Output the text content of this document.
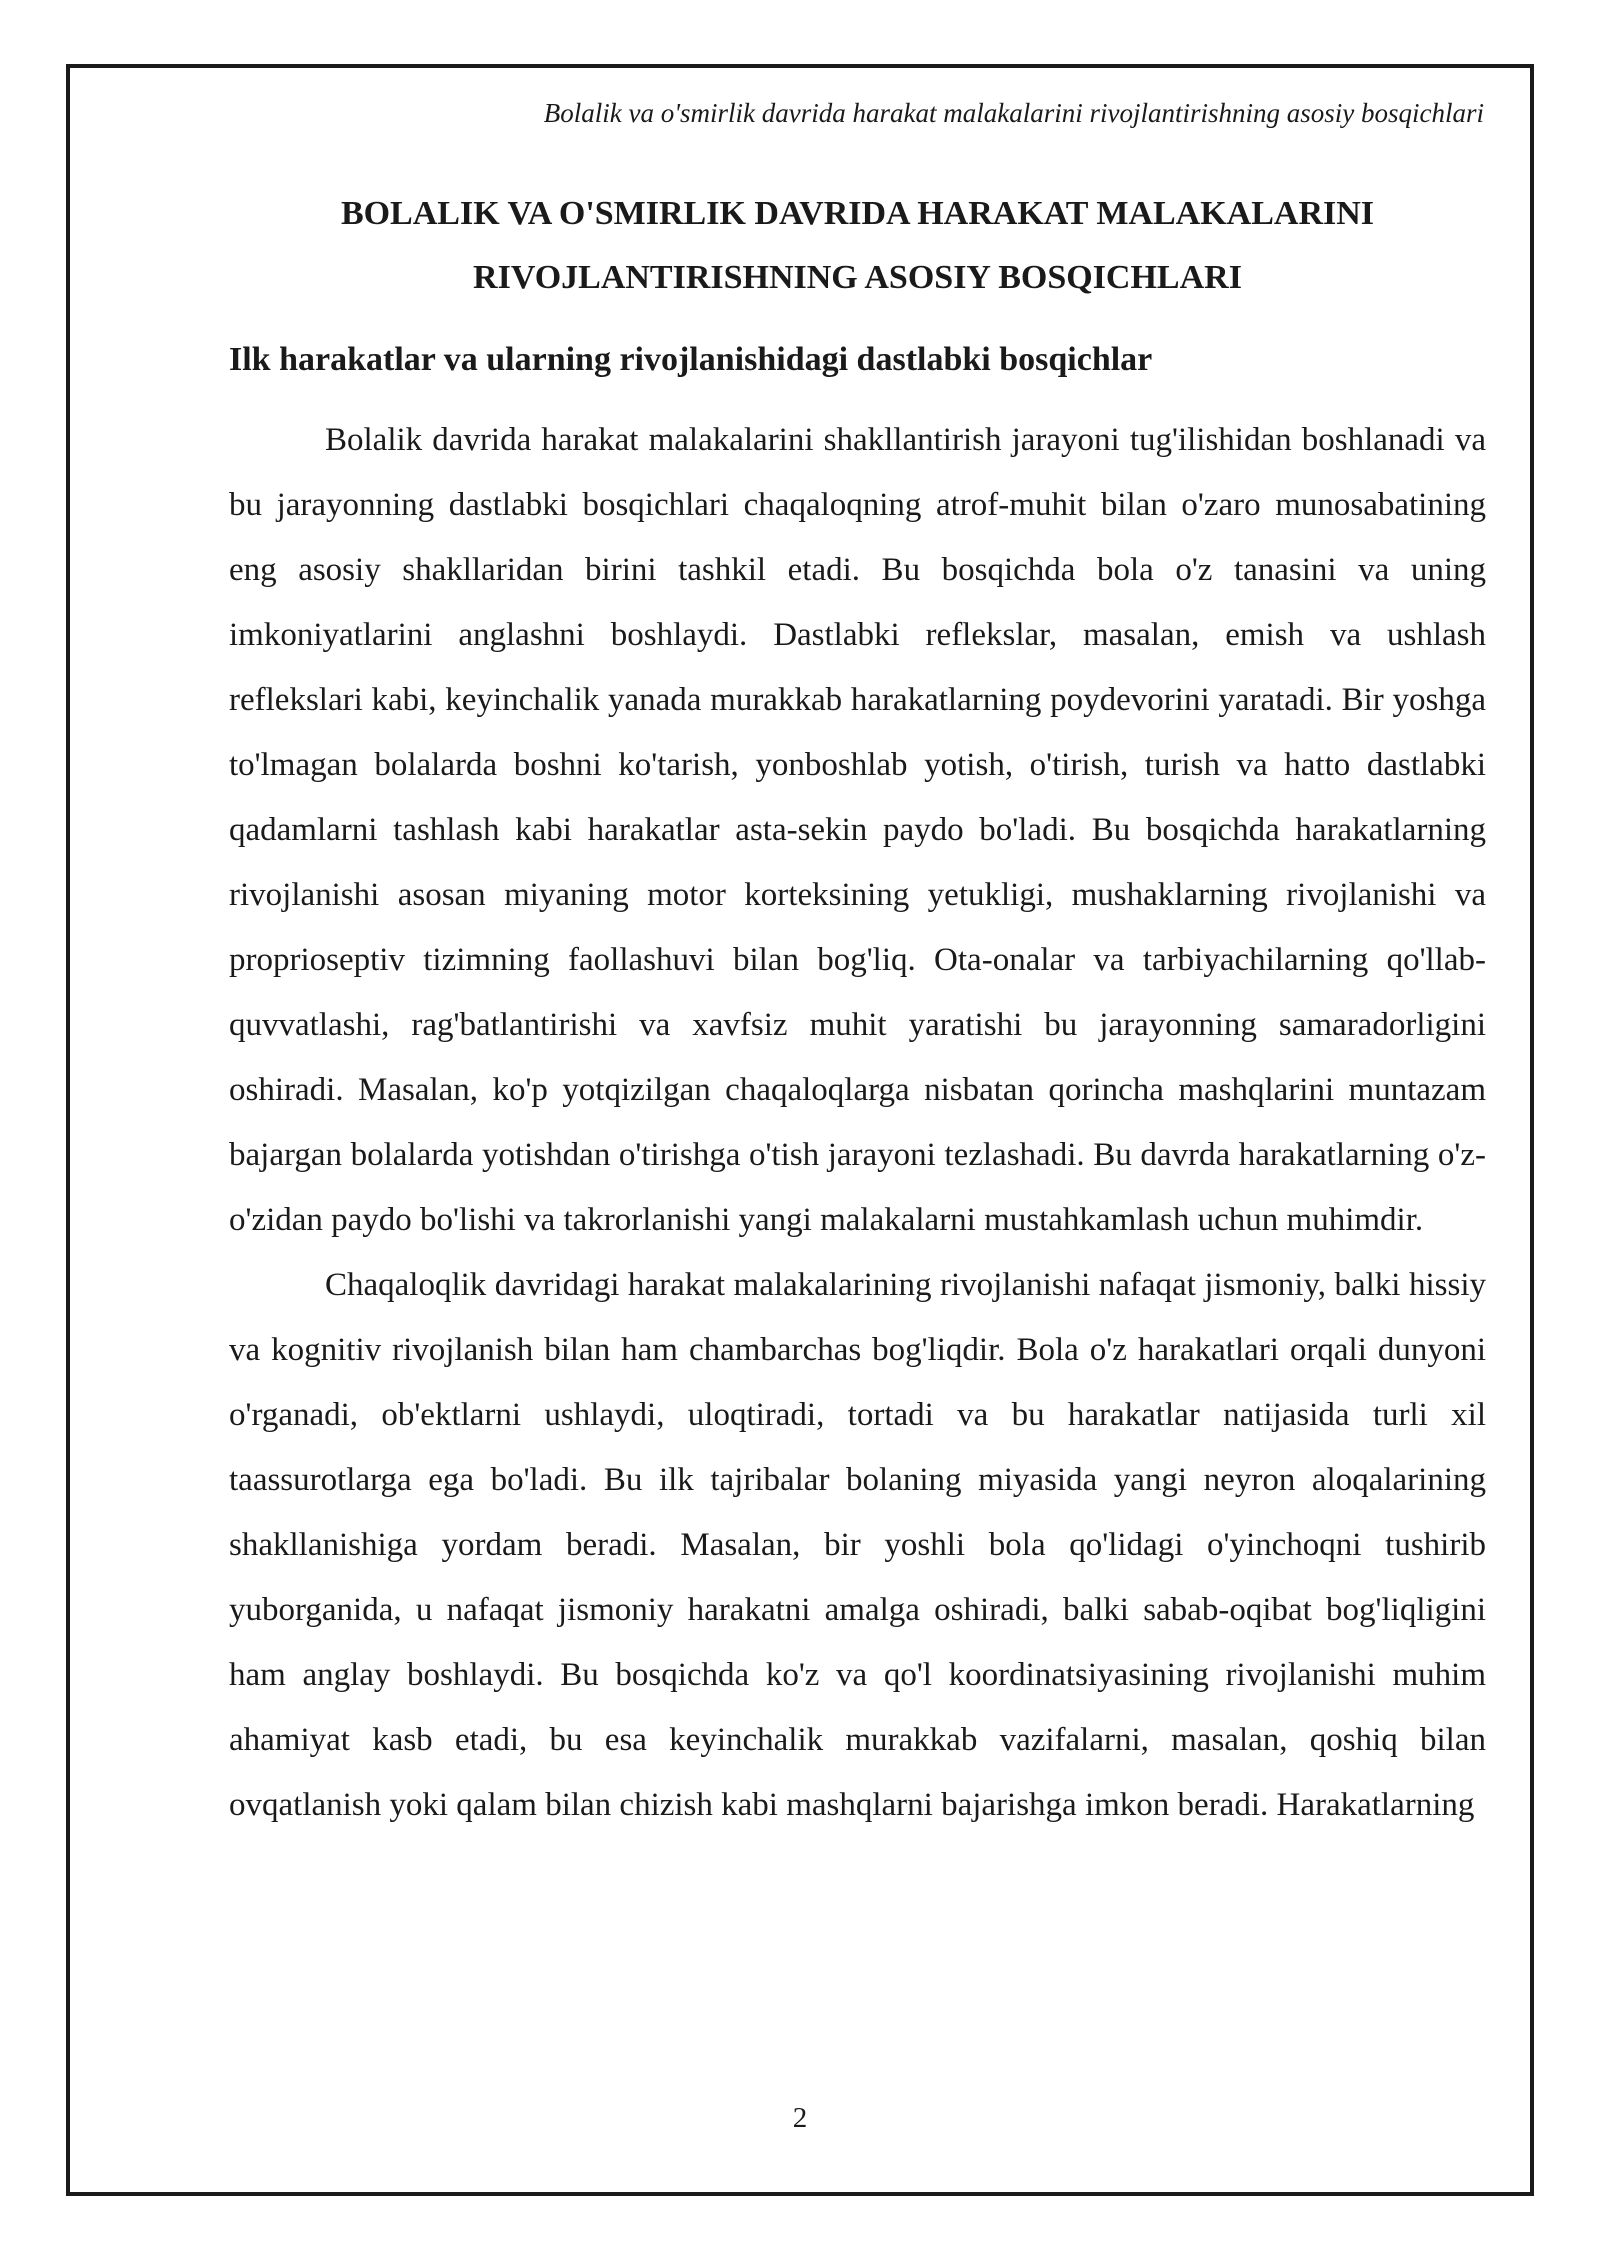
Bolalik va o'smirlik davrida harakat malakalarini rivojlantirishning asosiy bosqichlari
BOLALIK VA O'SMIRLIK DAVRIDA HARAKAT MALAKALARINI
RIVOJLANTIRISHNING ASOSIY BOSQICHLARI
Ilk harakatlar va ularning rivojlanishidagi dastlabki bosqichlar

Bolalik davrida harakat malakalarini shakllantirish jarayoni tug'ilishidan boshlanadi va bu jarayonning dastlabki bosqichlari chaqaloqning atrof-muhit bilan o'zaro munosabatining eng asosiy shakllaridan birini tashkil etadi. Bu bosqichda bola o'z tanasini va uning imkoniyatlarini anglashni boshlaydi. Dastlabki reflekslar, masalan, emish va ushlash reflekslari kabi, keyinchalik yanada murakkab harakatlarning poydevorini yaratadi. Bir yoshga to'lmagan bolalarda boshni ko'tarish, yonboshlab yotish, o'tirish, turish va hatto dastlabki qadamlarni tashlash kabi harakatlar asta-sekin paydo bo'ladi. Bu bosqichda harakatlarning rivojlanishi asosan miyaning motor korteksining yetukligi, mushaklarning rivojlanishi va proprioseptiv tizimning faollashuvi bilan bog'liq. Ota-onalar va tarbiyachilarning qo'llab-quvvatlashi, rag'batlantirishi va xavfsiz muhit yaratishi bu jarayonning samaradorligini oshiradi. Masalan, ko'p yotqizilgan chaqaloqlarga nisbatan qorincha mashqlarini muntazam bajargan bolalarda yotishdan o'tirishga o'tish jarayoni tezlashadi. Bu davrda harakatlarning o'z-o'zidan paydo bo'lishi va takrorlanishi yangi malakalarni mustahkamlash uchun muhimdir.

Chaqaloqlik davridagi harakat malakalarining rivojlanishi nafaqat jismoniy, balki hissiy va kognitiv rivojlanish bilan ham chambarchas bog'liqdir. Bola o'z harakatlari orqali dunyoni o'rganadi, ob'ektlarni ushlaydi, uloqtiradi, tortadi va bu harakatlar natijasida turli xil taassurotlarga ega bo'ladi. Bu ilk tajribalar bolaning miyasida yangi neyron aloqalarining shakllanishiga yordam beradi. Masalan, bir yoshli bola qo'lidagi o'yinchoqni tushirib yuborganida, u nafaqat jismoniy harakatni amalga oshiradi, balki sabab-oqibat bog'liqligini ham anglay boshlaydi. Bu bosqichda ko'z va qo'l koordinatsiyasining rivojlanishi muhim ahamiyat kasb etadi, bu esa keyinchalik murakkab vazifalarni, masalan, qoshiq bilan ovqatlanish yoki qalam bilan chizish kabi mashqlarni bajarishga imkon beradi. Harakatlarning

2
